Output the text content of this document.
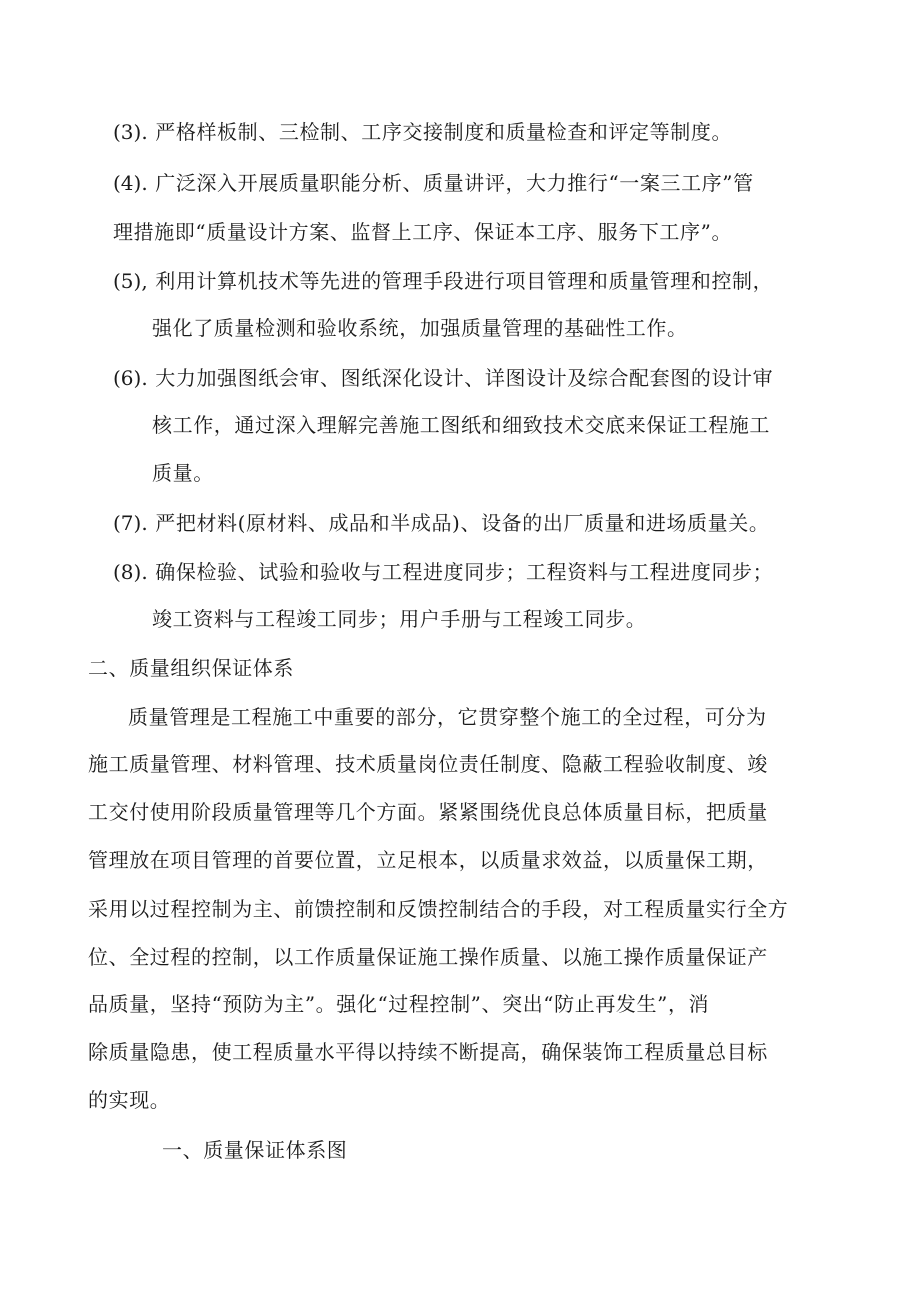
(3). 严格样板制、三检制、工序交接制度和质量检查和评定等制度。
(4). 广泛深入开展质量职能分析、质量讲评，大力推行“一案三工序”管
理措施即“质量设计方案、监督上工序、保证本工序、服务下工序”。
(5), 利用计算机技术等先进的管理手段进行项目管理和质量管理和控制，
强化了质量检测和验收系统，加强质量管理的基础性工作。
(6). 大力加强图纸会审、图纸深化设计、详图设计及综合配套图的设计审
核工作，通过深入理解完善施工图纸和细致技术交底来保证工程施工
质量。
(7). 严把材料(原材料、成品和半成品)、设备的出厂质量和进场质量关。
(8). 确保检验、试验和验收与工程进度同步；工程资料与工程进度同步；
竣工资料与工程竣工同步；用户手册与工程竣工同步。
二、质量组织保证体系
质量管理是工程施工中重要的部分，它贯穿整个施工的全过程，可分为
施工质量管理、材料管理、技术质量岗位责任制度、隐蔽工程验收制度、竣
工交付使用阶段质量管理等几个方面。紧紧围绕优良总体质量目标，把质量
管理放在项目管理的首要位置，立足根本，以质量求效益，以质量保工期，
采用以过程控制为主、前馈控制和反馈控制结合的手段，对工程质量实行全方
位、全过程的控制，以工作质量保证施工操作质量、以施工操作质量保证产
品质量，坚持“预防为主”。强化“过程控制”、突出“防止再发生”，消
除质量隐患，使工程质量水平得以持续不断提高，确保装饰工程质量总目标
的实现。
一、质量保证体系图
